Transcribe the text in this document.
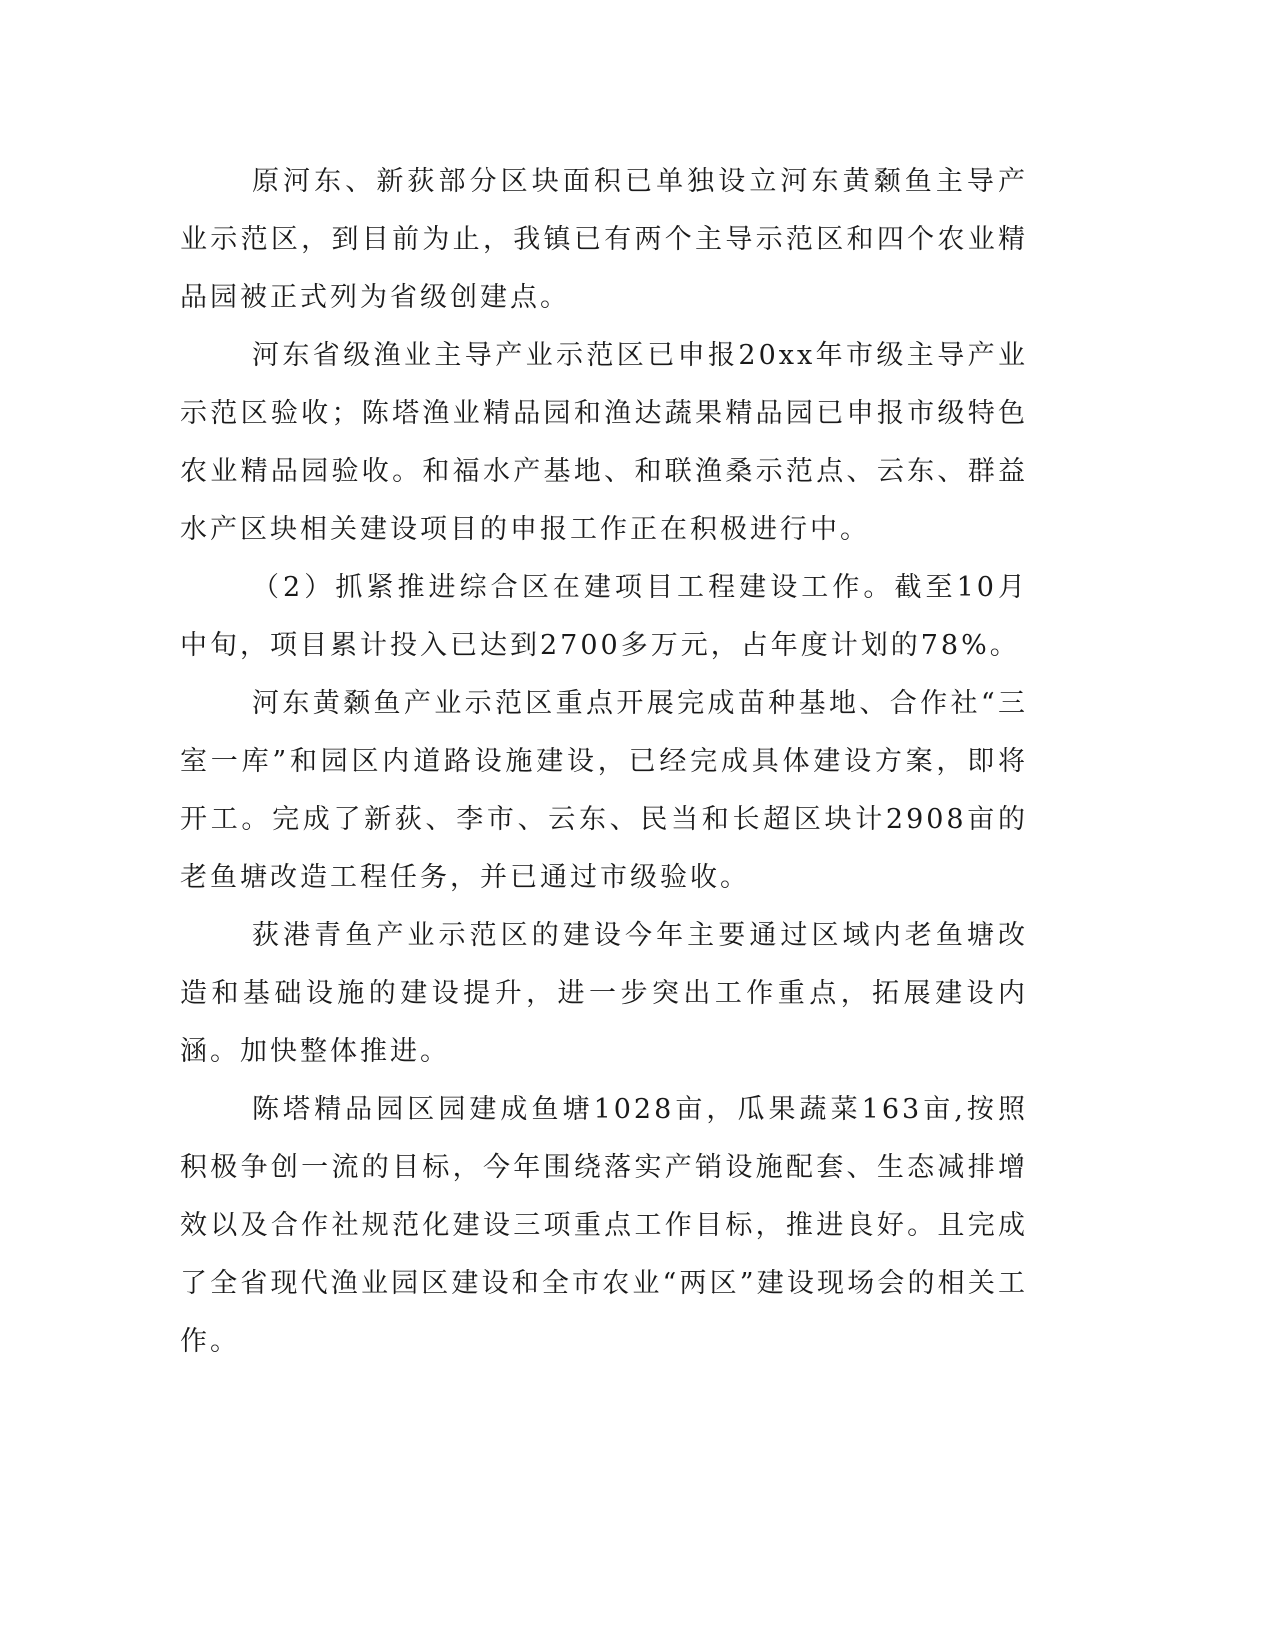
原河东、新荻部分区块面积已单独设立河东黄颡鱼主导产业示范区，到目前为止，我镇已有两个主导示范区和四个农业精品园被正式列为省级创建点。

河东省级渔业主导产业示范区已申报20xx年市级主导产业示范区验收；陈塔渔业精品园和渔达蔬果精品园已申报市级特色农业精品园验收。和福水产基地、和联渔桑示范点、云东、群益水产区块相关建设项目的申报工作正在积极进行中。

（2）抓紧推进综合区在建项目工程建设工作。截至10月中旬，项目累计投入已达到2700多万元，占年度计划的78%。

河东黄颡鱼产业示范区重点开展完成苗种基地、合作社“三室一库”和园区内道路设施建设，已经完成具体建设方案，即将开工。完成了新荻、李市、云东、民当和长超区块计2908亩的老鱼塘改造工程任务，并已通过市级验收。

荻港青鱼产业示范区的建设今年主要通过区域内老鱼塘改造和基础设施的建设提升，进一步突出工作重点，拓展建设内涵。加快整体推进。

陈塔精品园区园建成鱼塘1028亩，瓜果蔬菜163亩,按照积极争创一流的目标，今年围绕落实产销设施配套、生态减排增效以及合作社规范化建设三项重点工作目标，推进良好。且完成了全省现代渔业园区建设和全市农业“两区”建设现场会的相关工作。
